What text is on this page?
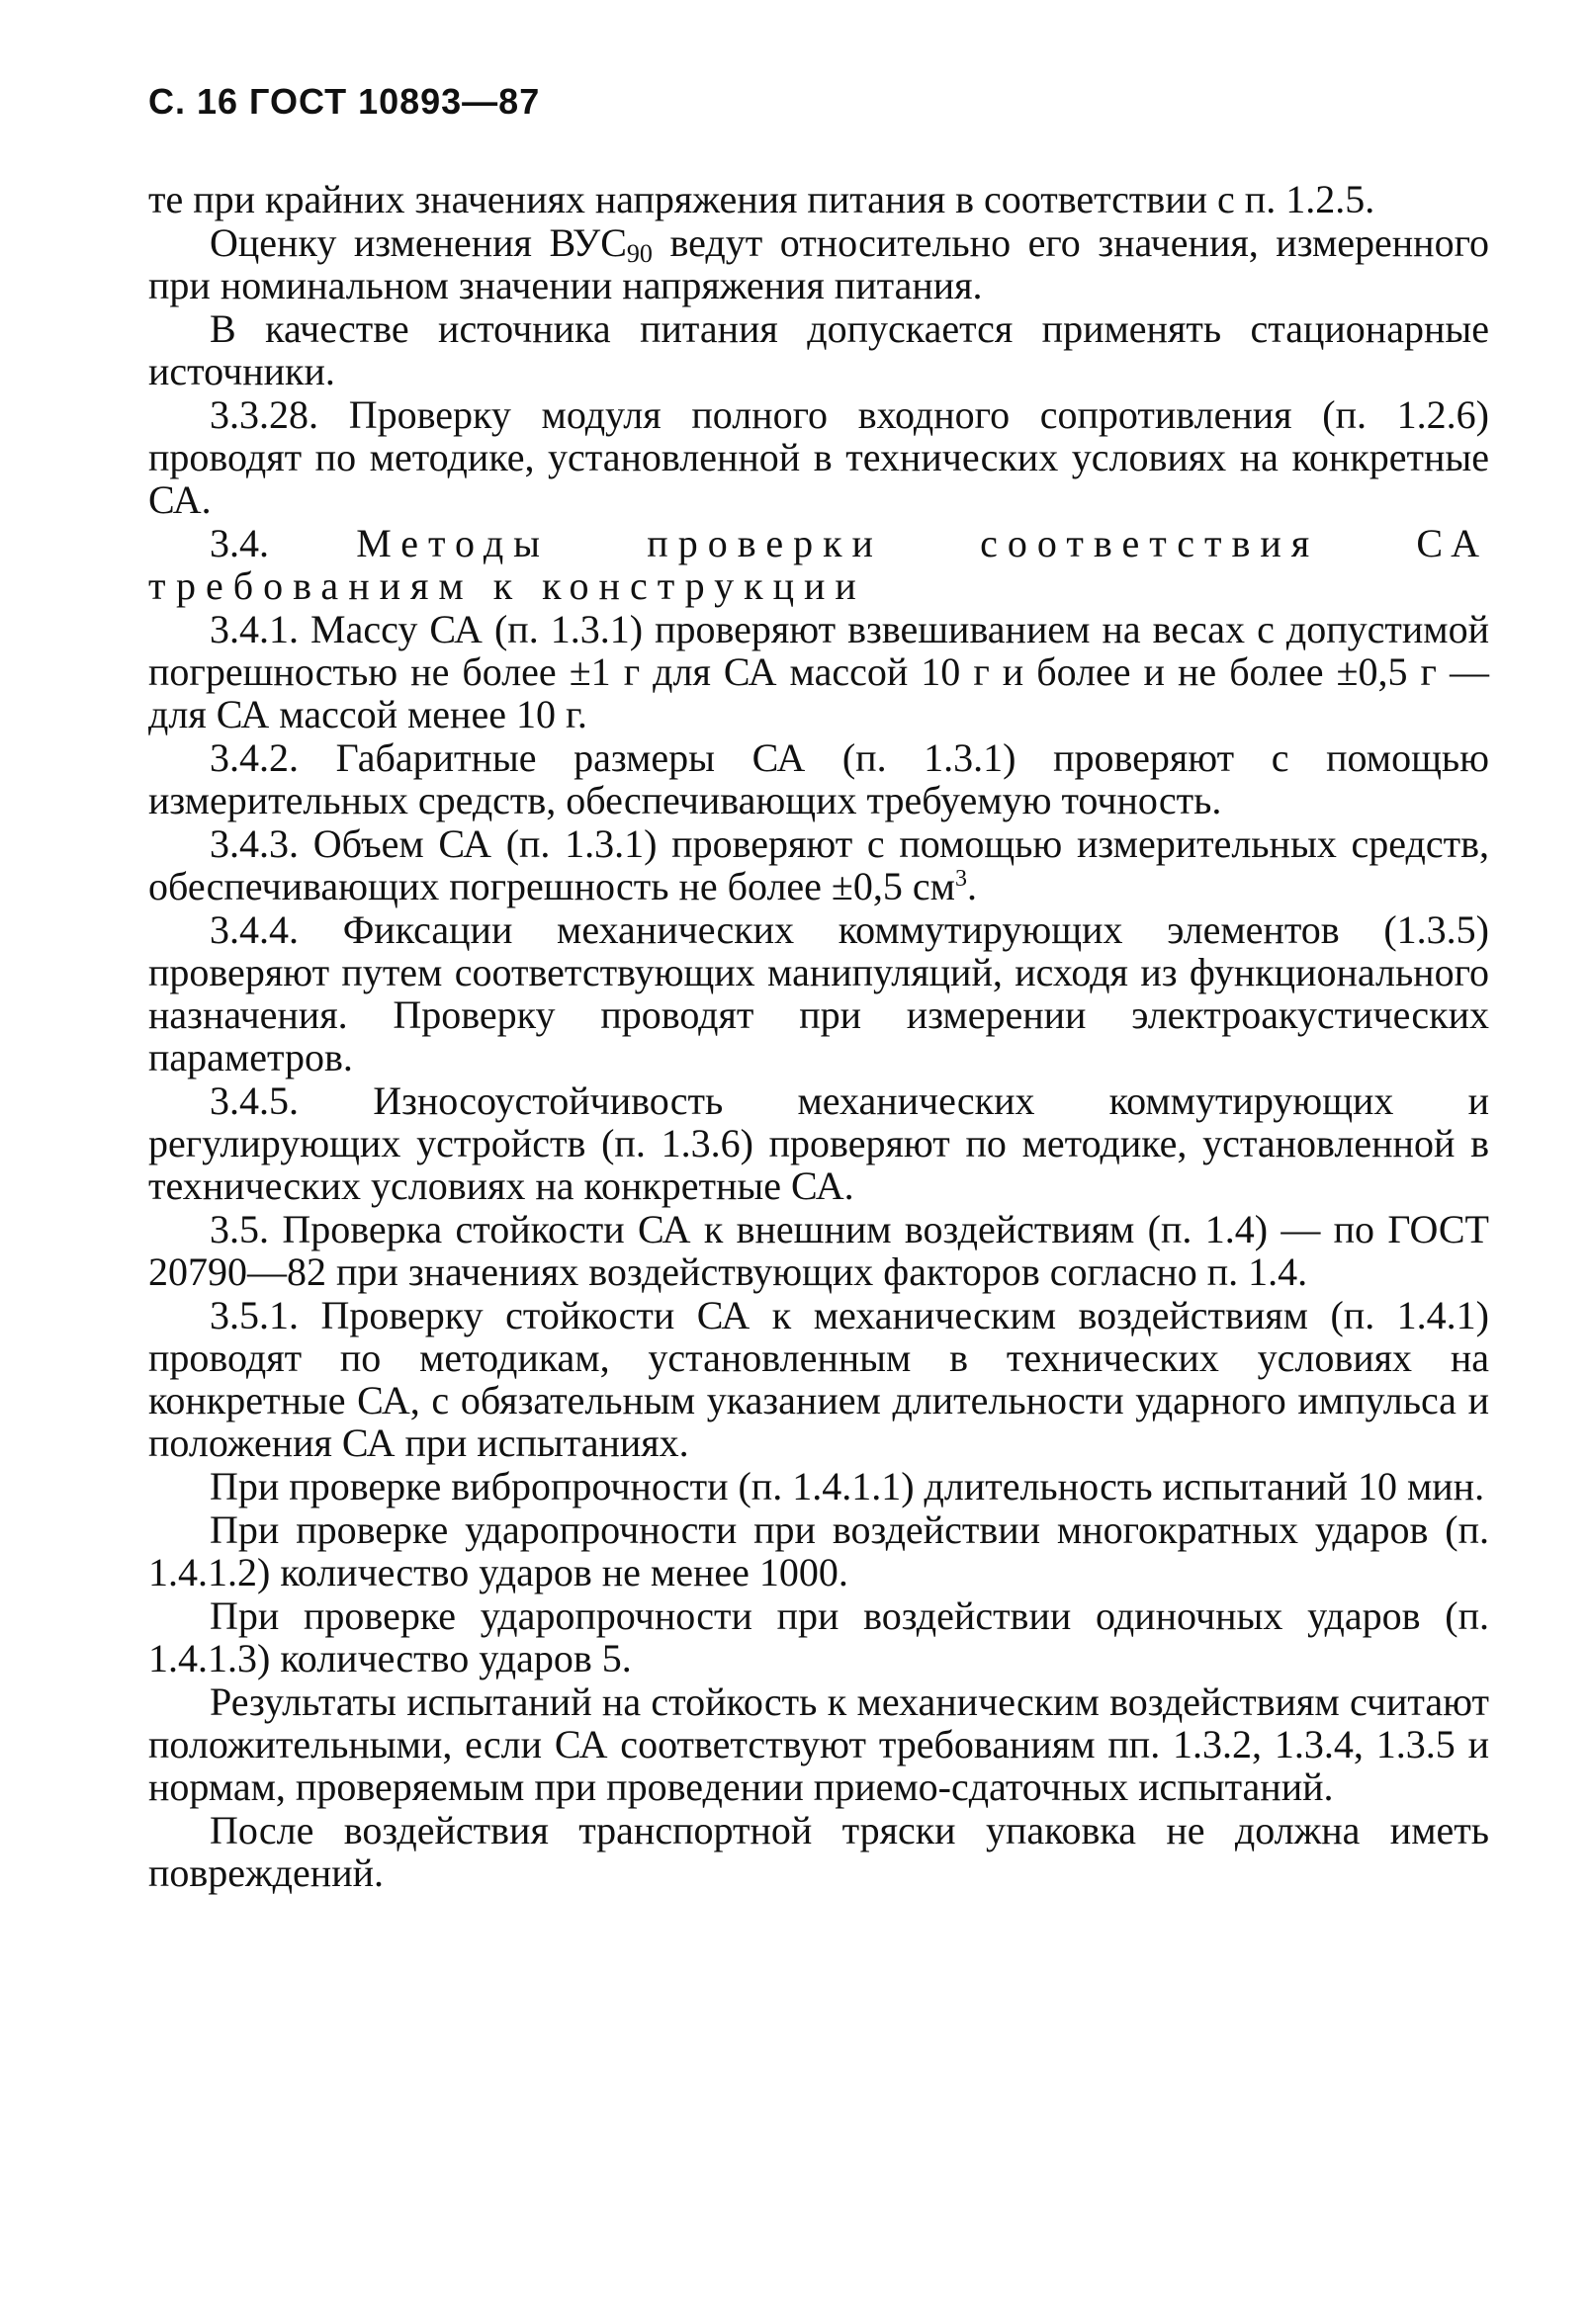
С. 16 ГОСТ 10893—87

те при крайних значениях напряжения питания в соответствии с п. 1.2.5.

Оценку изменения $ВУС_{90}$ ведут относительно его значения, измеренного при номинальном значении напряжения питания.

В качестве источника питания допускается применять стационарные источники.

3.3.28. Проверку модуля полного входного сопротивления (п. 1.2.6) проводят по методике, установленной в технических условиях на конкретные СА.

3.4. Методы проверки соответствия СА требованиям к конструкции

3.4.1. Массу СА (п. 1.3.1) проверяют взвешиванием на весах с допустимой погрешностью не более ±1 г для СА массой 10 г и более и не более ±0,5 г — для СА массой менее 10 г.

3.4.2. Габаритные размеры СА (п. 1.3.1) проверяют с помощью измерительных средств, обеспечивающих требуемую точность.

3.4.3. Объем СА (п. 1.3.1) проверяют с помощью измерительных средств, обеспечивающих погрешность не более ±0,5 $см^3$.

3.4.4. Фиксации механических коммутирующих элементов (1.3.5) проверяют путем соответствующих манипуляций, исходя из функционального назначения. Проверку проводят при измерении электроакустических параметров.

3.4.5. Износоустойчивость механических коммутирующих и регулирующих устройств (п. 1.3.6) проверяют по методике, установленной в технических условиях на конкретные СА.

3.5. Проверка стойкости СА к внешним воздействиям (п. 1.4) — по ГОСТ 20790—82 при значениях воздействующих факторов согласно п. 1.4.

3.5.1. Проверку стойкости СА к механическим воздействиям (п. 1.4.1) проводят по методикам, установленным в технических условиях на конкретные СА, с обязательным указанием длительности ударного импульса и положения СА при испытаниях.

При проверке вибропрочности (п. 1.4.1.1) длительность испытаний 10 мин.

При проверке ударопрочности при воздействии многократных ударов (п. 1.4.1.2) количество ударов не менее 1000.

При проверке ударопрочности при воздействии одиночных ударов (п. 1.4.1.3) количество ударов 5.

Результаты испытаний на стойкость к механическим воздействиям считают положительными, если СА соответствуют требованиям пп. 1.3.2, 1.3.4, 1.3.5 и нормам, проверяемым при проведении приемо-сдаточных испытаний.

После воздействия транспортной тряски упаковка не должна иметь повреждений.
